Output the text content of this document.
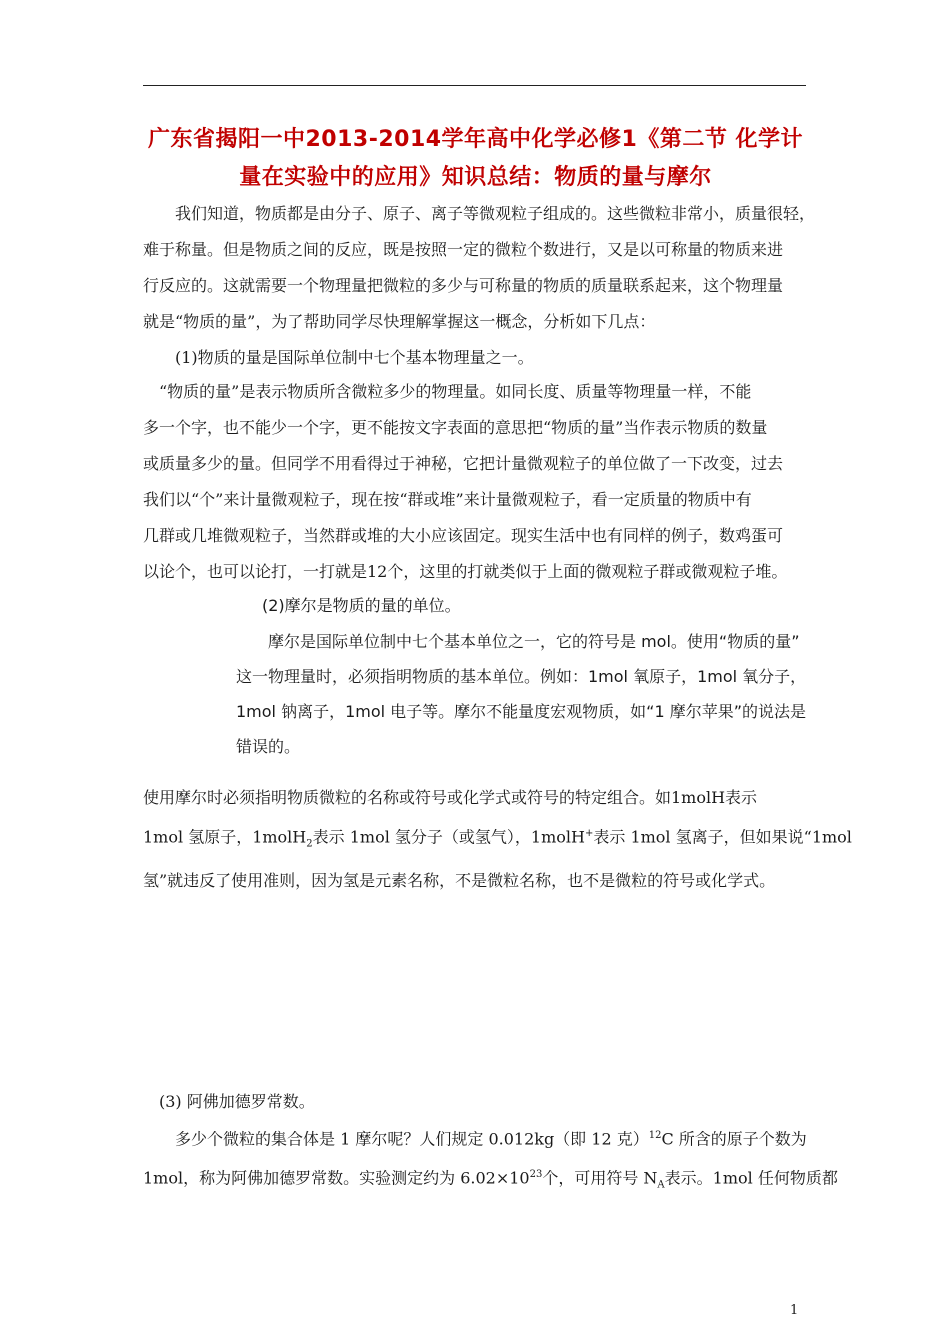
广东省揭阳一中2013-2014学年高中化学必修1《第二节 化学计
量在实验中的应用》知识总结：物质的量与摩尔
我们知道，物质都是由分子、原子、离子等微观粒子组成的。这些微粒非常小，质量很轻，
难于称量。但是物质之间的反应，既是按照一定的微粒个数进行，又是以可称量的物质来进
行反应的。这就需要一个物理量把微粒的多少与可称量的物质的质量联系起来，这个物理量
就是“物质的量”，为了帮助同学尽快理解掌握这一概念，分析如下几点：
(1)物质的量是国际单位制中七个基本物理量之一。
“物质的量”是表示物质所含微粒多少的物理量。如同长度、质量等物理量一样，不能
多一个字，也不能少一个字，更不能按文字表面的意思把“物质的量”当作表示物质的数量
或质量多少的量。但同学不用看得过于神秘，它把计量微观粒子的单位做了一下改变，过去
我们以“个”来计量微观粒子，现在按“群或堆”来计量微观粒子，看一定质量的物质中有
几群或几堆微观粒子，当然群或堆的大小应该固定。现实生活中也有同样的例子，数鸡蛋可
以论个，也可以论打，一打就是12个，这里的打就类似于上面的微观粒子群或微观粒子堆。
(2)摩尔是物质的量的单位。
摩尔是国际单位制中七个基本单位之一，它的符号是 mol。使用“物质的量”
这一物理量时，必须指明物质的基本单位。例如：1mol 氧原子，1mol 氧分子，
1mol 钠离子，1mol 电子等。摩尔不能量度宏观物质，如“1 摩尔苹果”的说法是
错误的。
使用摩尔时必须指明物质微粒的名称或符号或化学式或符号的特定组合。如1molH表示
1mol 氢原子，1molH$_2$表示 1mol 氢分子（或氢气），1molH+表示 1mol 氢离子，但如果说“1mol
氢”就违反了使用准则，因为氢是元素名称，不是微粒名称，也不是微粒的符号或化学式。
(3) 阿佛加德罗常数。
多少个微粒的集合体是 1 摩尔呢？人们规定 0.012kg（即 12 克）$^{12}$C 所含的原子个数为
1mol，称为阿佛加德罗常数。实验测定约为 $6.02\times 10^{23}$个，可用符号 $N_A$表示。1mol 任何物质都
1
